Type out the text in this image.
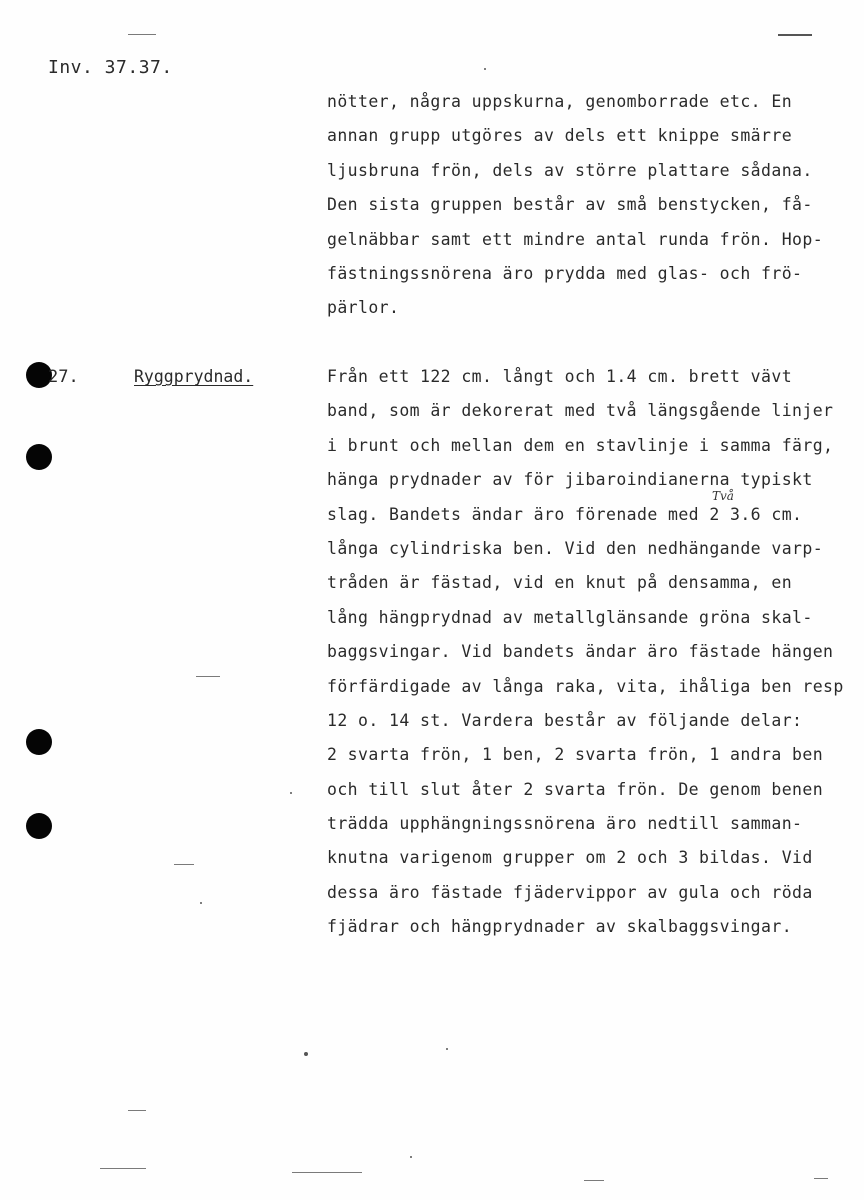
Inv. 37.37.
nötter, några uppskurna, genomborrade etc. En
annan grupp utgöres av dels ett knippe smärre
ljusbruna frön, dels av större plattare sådana.
Den sista gruppen består av små benstycken, få-
gelnäbbar samt ett mindre antal runda frön. Hop-
fästningssnörena äro prydda med glas- och frö-
pärlor.
27.	Ryggprydnad.	Från ett 122 cm. långt och 1.4 cm. brett vävt
band, som är dekorerat med två längsgående linjer
i brunt och mellan dem en stavlinje i samma färg,
hänga prydnader av för jibaroindianerna typiskt
slag. Bandets ändar äro förenade med 2 3.6 cm.
långa cylindriska ben. Vid den nedhängande varp-
tråden är fästad, vid en knut på densamma, en
lång hängprydnad av metallglänsande gröna skal-
baggsvingar. Vid bandets ändar äro fästade hängen
förfärdigade av långa raka, vita, ihåliga ben resp
12 o. 14 st. Vardera består av följande delar:
2 svarta frön, 1 ben, 2 svarta frön, 1 andra ben
och till slut åter 2 svarta frön. De genom benen
trädda upphängningssnörena äro nedtill samman-
knutna varigenom grupper om 2 och 3 bildas. Vid
dessa äro fästade fjädervippor av gula och röda
fjädrar och hängprydnader av skalbaggsvingar.
Två
